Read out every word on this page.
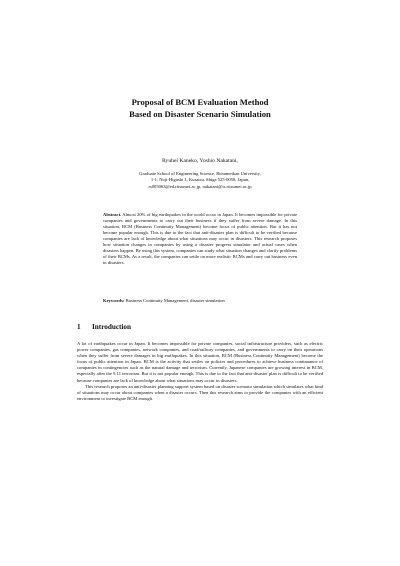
Proposal of BCM Evaluation Method
Based on Disaster Scenario Simulation
Ryuhei Kaneko, Yoshio Nakatani,
Graduate School of Engineering Science, Ritsumeikan University,
1-1, Noji-Higashi 1, Kusatsu, Shiga 525-0058, Japan,
rs005063@ed.ritsumei.ac.jp, nakatani@is.ritsumei.ac.jp
Abstract. Almost 20% of big earthquakes in the world occur in Japan. It becomes impossible for private companies and governments to carry out their business if they suffer from severe damage. In this situation, BCM (Business Continuity Management) become focus of public attention. But it has not become popular enough. This is due to the fact that anti-disaster plan is difficult to be verified because companies are lack of knowledge about what situations may occur in disasters. This research proposes how situation changes in companies by using a disaster progress simulator and actual cases when disasters happen. By using this system, companies can study what situation changes and clarify problems of their BCMs. As a result, the companies can settle on more realistic BCMs and carry out business even in disasters.
Keywords: Business Continuity Management, disaster simulation
1 Introduction

A lot of earthquakes occur in Japan. It becomes impossible for private companies, social infrastructure providers, such as electric power companies, gas companies, network companies, and road/railway companies, and governments to carry on their operations when they suffer from severe damages in big earthquakes. In this situation, BCM (Business Continuity Management) become the focus of public attention in Japan. BCM is the activity that settles on policies and procedures to achieve business continuance of companies in contingencies such as the natural damage and terrorism. Currently, Japanese companies are growing interest in BCM, especially after the 9.11 terrorism. But it is not popular enough. This is due to the fact that anti-disaster plan is difficult to be verified because companies are lack of knowledge about what situations may occur in disasters.

This research proposes an anti-disaster planning support system based on disaster scenario simulation which simulates what kind of situations may occur about companies when a disaster occurs. Then this research aims to provide the companies with an efficient environment to investigate BCM enough.
